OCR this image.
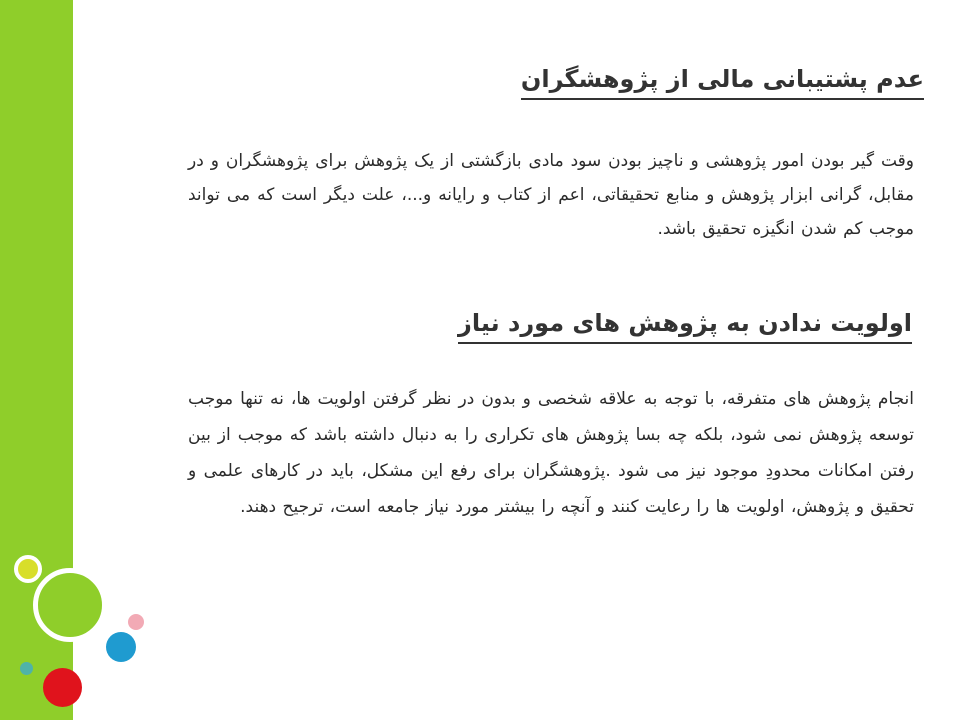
عدم پشتیبانی مالی از پژوهشگران

وقت گیر بودن امور پژوهشی و ناچیز بودن سود مادی بازگشتی از یک پژوهش برای پژوهشگران و در مقابل، گرانی ابزار پژوهش و منابع تحقیقاتی، اعم از کتاب و رایانه و...، علت دیگر است که می تواند موجب کم شدن انگیزه تحقیق باشد.

اولویت ندادن به پژوهش های مورد نیاز

انجام پژوهش های متفرقه، با توجه به علاقه شخصی و بدون در نظر گرفتن اولویت ها، نه تنها موجب توسعه پژوهش نمی شود، بلکه چه بسا پژوهش های تکراری را به دنبال داشته باشد که موجب از بین رفتن امکانات محدودِ موجود نیز می شود .پژوهشگران برای رفع این مشکل، باید در کارهای علمی و تحقیق و پژوهش، اولویت ها را رعایت کنند و آنچه را بیشتر مورد نیاز جامعه است، ترجیح دهند.
